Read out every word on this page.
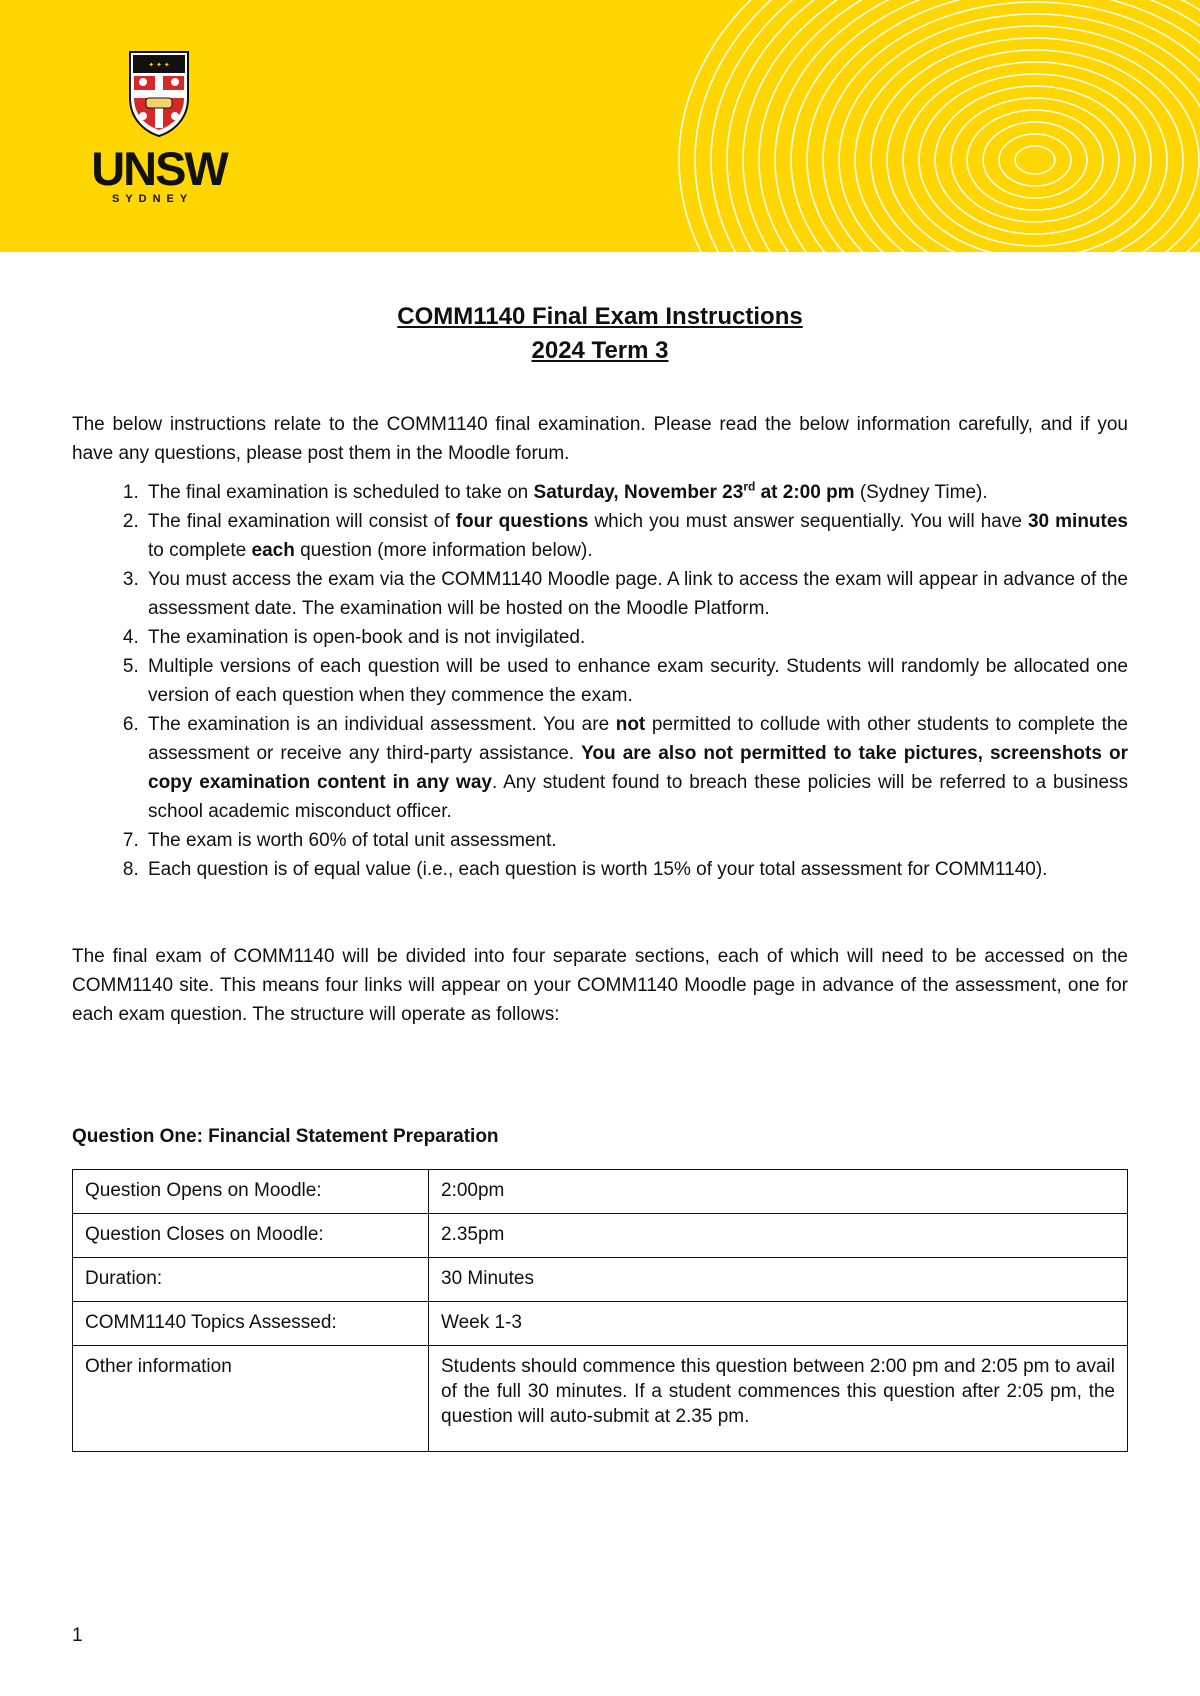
✦ ✦ ✦
UNSW
SYDNEY
COMM1140 Final Exam Instructions
2024 Term 3

The below instructions relate to the COMM1140 final examination. Please read the below information carefully, and if you have any questions, please post them in the Moodle forum.

1. The final examination is scheduled to take on Saturday, November 23rd at 2:00 pm (Sydney Time).
2. The final examination will consist of four questions which you must answer sequentially. You will have 30 minutes to complete each question (more information below).
3. You must access the exam via the COMM1140 Moodle page. A link to access the exam will appear in advance of the assessment date. The examination will be hosted on the Moodle Platform.
4. The examination is open-book and is not invigilated.
5. Multiple versions of each question will be used to enhance exam security. Students will randomly be allocated one version of each question when they commence the exam.
6. The examination is an individual assessment. You are not permitted to collude with other students to complete the assessment or receive any third-party assistance. You are also not permitted to take pictures, screenshots or copy examination content in any way. Any student found to breach these policies will be referred to a business school academic misconduct officer.
7. The exam is worth 60% of total unit assessment.
8. Each question is of equal value (i.e., each question is worth 15% of your total assessment for COMM1140).

The final exam of COMM1140 will be divided into four separate sections, each of which will need to be accessed on the COMM1140 site. This means four links will appear on your COMM1140 Moodle page in advance of the assessment, one for each exam question. The structure will operate as follows:

Question One: Financial Statement Preparation
Question Opens on Moodle:	2:00pm
Question Closes on Moodle:	2.35pm
Duration:	30 Minutes
COMM1140 Topics Assessed:	Week 1-3
Other information	Students should commence this question between 2:00 pm and 2:05 pm to avail of the full 30 minutes. If a student commences this question after 2:05 pm, the question will auto-submit at 2.35 pm.
1
